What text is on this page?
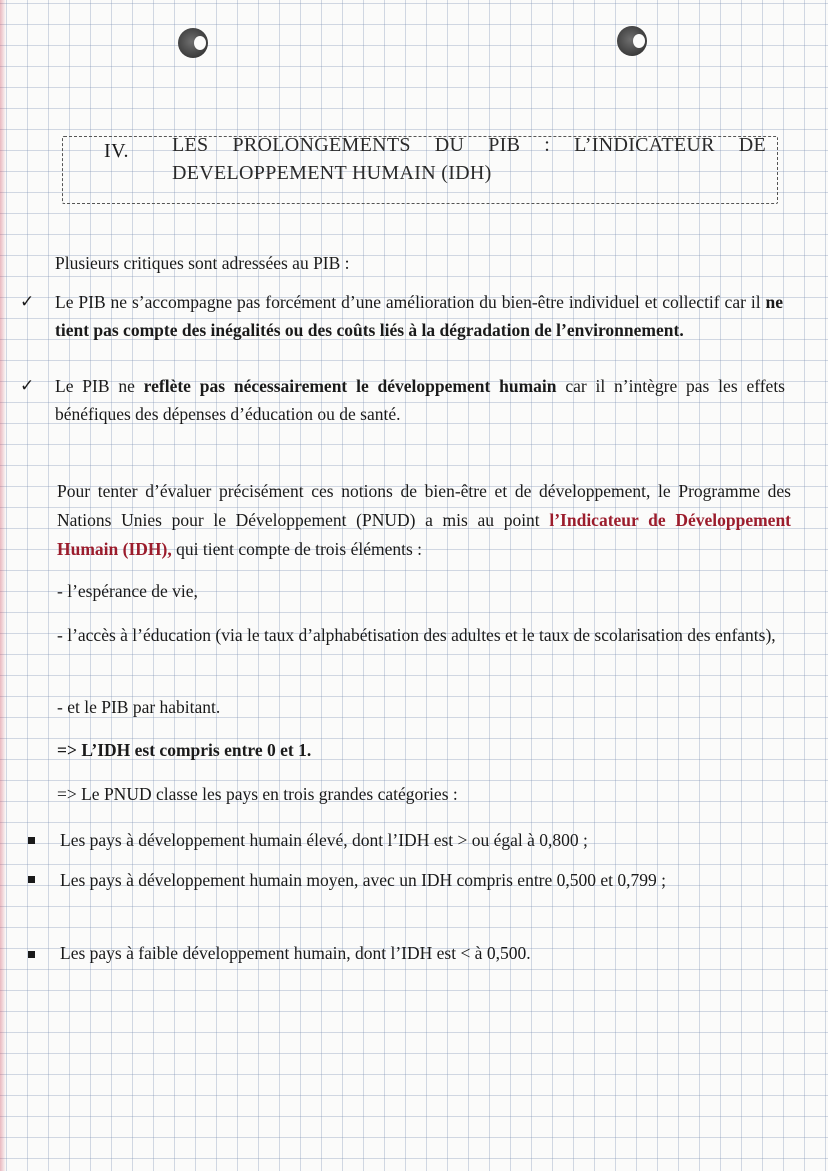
IV. LES PROLONGEMENTS DU PIB : L’INDICATEUR DE
DEVELOPPEMENT HUMAIN (IDH)
Plusieurs critiques sont adressées au PIB :
✓ Le PIB ne s’accompagne pas forcément d’une amélioration du bien-être individuel et collectif car il ne tient pas compte des inégalités ou des coûts liés à la dégradation de l’environnement.
✓ Le PIB ne reflète pas nécessairement le développement humain car il n’intègre pas les effets bénéfiques des dépenses d’éducation ou de santé.
Pour tenter d’évaluer précisément ces notions de bien-être et de développement, le Programme des Nations Unies pour le Développement (PNUD) a mis au point l’Indicateur de Développement Humain (IDH), qui tient compte de trois éléments :
- l’espérance de vie,
- l’accès à l’éducation (via le taux d’alphabétisation des adultes et le taux de scolarisation des enfants),
- et le PIB par habitant.
=> L’IDH est compris entre 0 et 1.
=> Le PNUD classe les pays en trois grandes catégories :
Les pays à développement humain élevé, dont l’IDH est > ou égal à 0,800 ;
Les pays à développement humain moyen, avec un IDH compris entre 0,500 et 0,799 ;
Les pays à faible développement humain, dont l’IDH est < à 0,500.
